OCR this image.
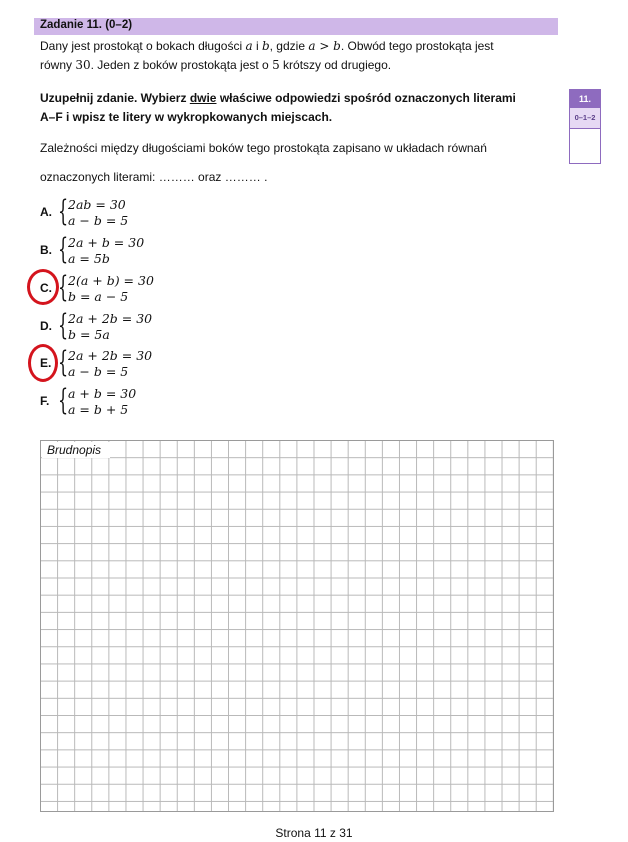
Zadanie 11. (0–2)
Dany jest prostokąt o bokach długości a i b, gdzie a > b. Obwód tego prostokąta jest
równy 30. Jeden z boków prostokąta jest o 5 krótszy od drugiego.
Uzupełnij zdanie. Wybierz dwie właściwe odpowiedzi spośród oznaczonych literami
A–F i wpisz te litery w wykropkowanych miejscach.
11.
0–1–2
Zależności między długościami boków tego prostokąta zapisano w układach równań
oznaczonych literami: ……… oraz ……… .
A. { 2ab = 30
a − b = 5
B. { 2a + b = 30
a = 5b
C. { 2(a + b) = 30
b = a − 5
D. { 2a + 2b = 30
b = 5a
E. { 2a + 2b = 30
a − b = 5
F. { a + b = 30
a = b + 5
Brudnopis
Strona 11 z 31
